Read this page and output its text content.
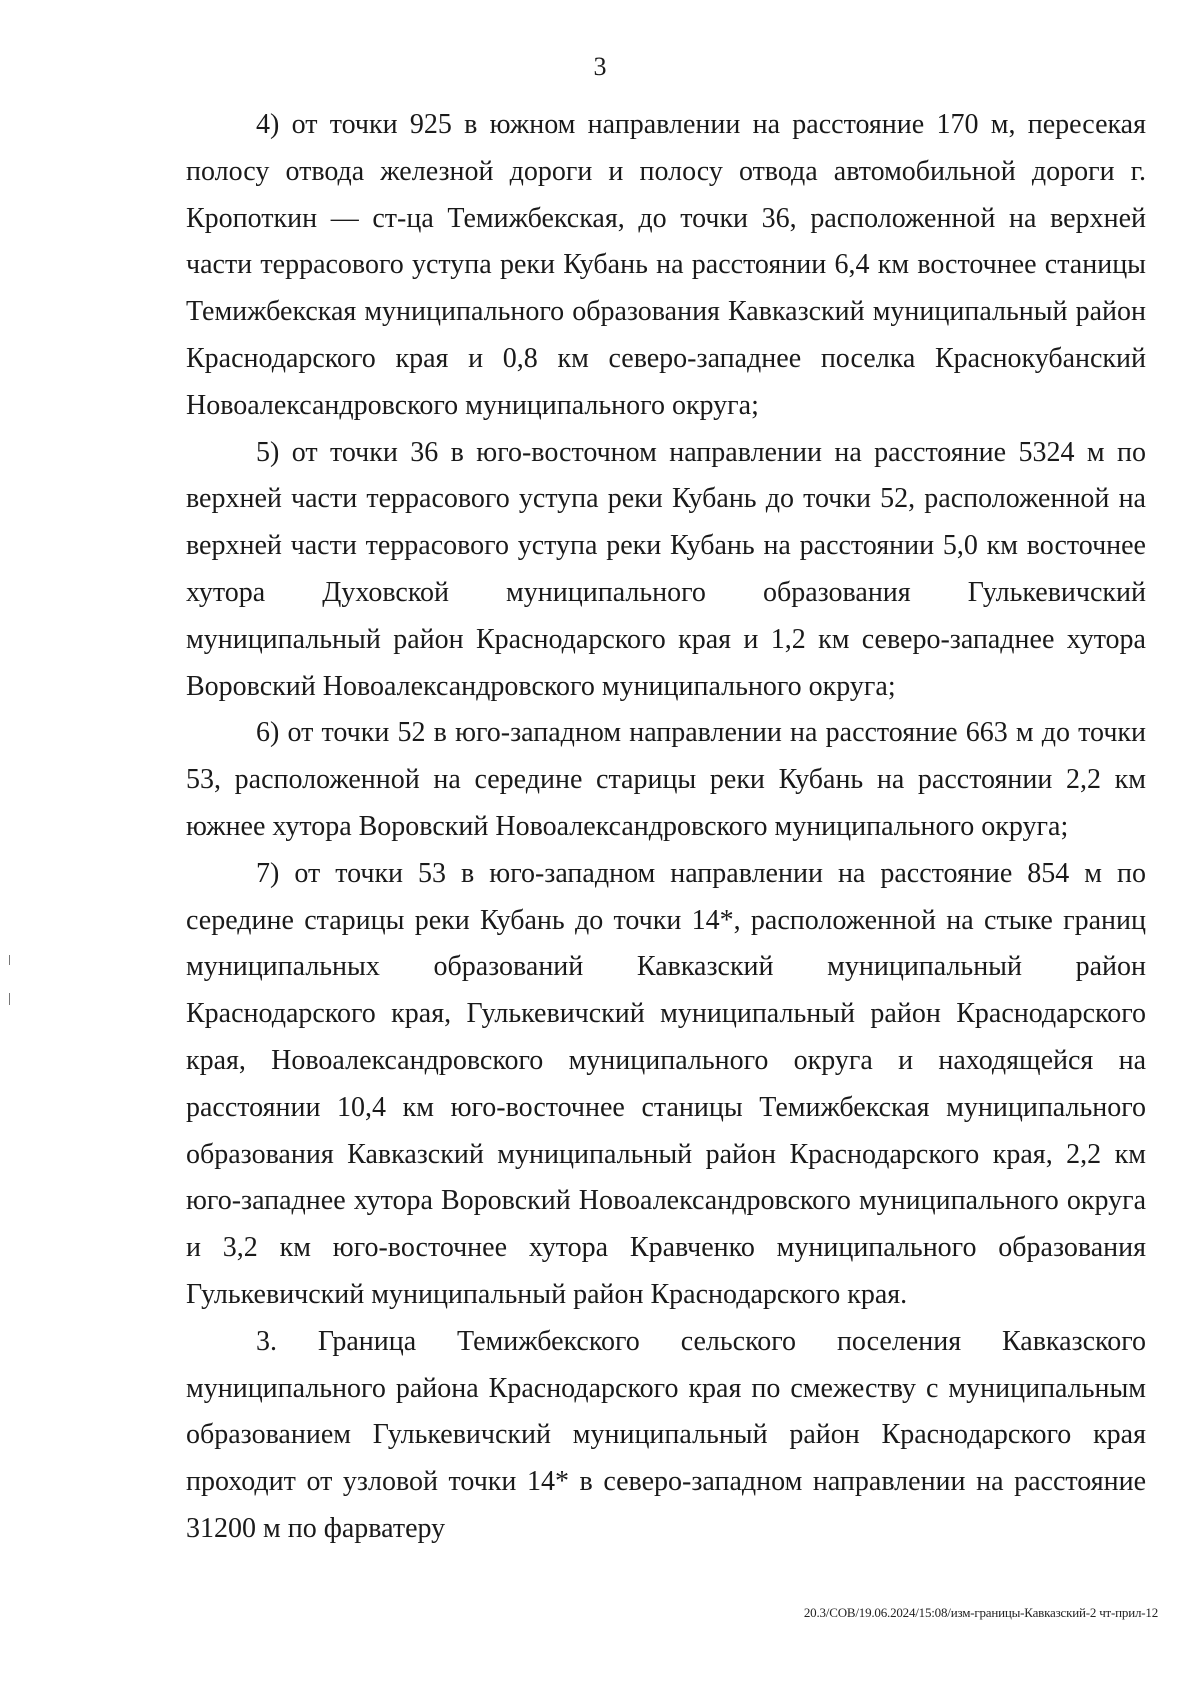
3

4) от точки 925 в южном направлении на расстояние 170 м, пересекая полосу отвода железной дороги и полосу отвода автомобильной дороги г. Кропоткин — ст-ца Темижбекская, до точки 36, расположенной на верхней части террасового уступа реки Кубань на расстоянии 6,4 км восточнее станицы Темижбекская муниципального образования Кавказский муниципальный район Краснодарского края и 0,8 км северо-западнее поселка Краснокубанский Новоалександровского муниципального округа;

5) от точки 36 в юго-восточном направлении на расстояние 5324 м по верхней части террасового уступа реки Кубань до точки 52, расположенной на верхней части террасового уступа реки Кубань на расстоянии 5,0 км восточнее хутора Духовской муниципального образования Гулькевичский муниципальный район Краснодарского края и 1,2 км северо-западнее хутора Воровский Новоалександровского муниципального округа;

6) от точки 52 в юго-западном направлении на расстояние 663 м до точки 53, расположенной на середине старицы реки Кубань на расстоянии 2,2 км южнее хутора Воровский Новоалександровского муниципального округа;

7) от точки 53 в юго-западном направлении на расстояние 854 м по середине старицы реки Кубань до точки 14*, расположенной на стыке границ муниципальных образований Кавказский муниципальный район Краснодарского края, Гулькевичский муниципальный район Краснодарского края, Новоалександровского муниципального округа и находящейся на расстоянии 10,4 км юго-восточнее станицы Темижбекская муниципального образования Кавказский муниципальный район Краснодарского края, 2,2 км юго-западнее хутора Воровский Новоалександровского муниципального округа и 3,2 км юго-восточнее хутора Кравченко муниципального образования Гулькевичский муниципальный район Краснодарского края.

3. Граница Темижбекского сельского поселения Кавказского муниципального района Краснодарского края по смежеству с муниципальным образованием Гулькевичский муниципальный район Краснодарского края проходит от узловой точки 14* в северо-западном направлении на расстояние 31200 м по фарватеру

20.3/СОВ/19.06.2024/15:08/изм-границы-Кавказский-2 чт-прил-12
